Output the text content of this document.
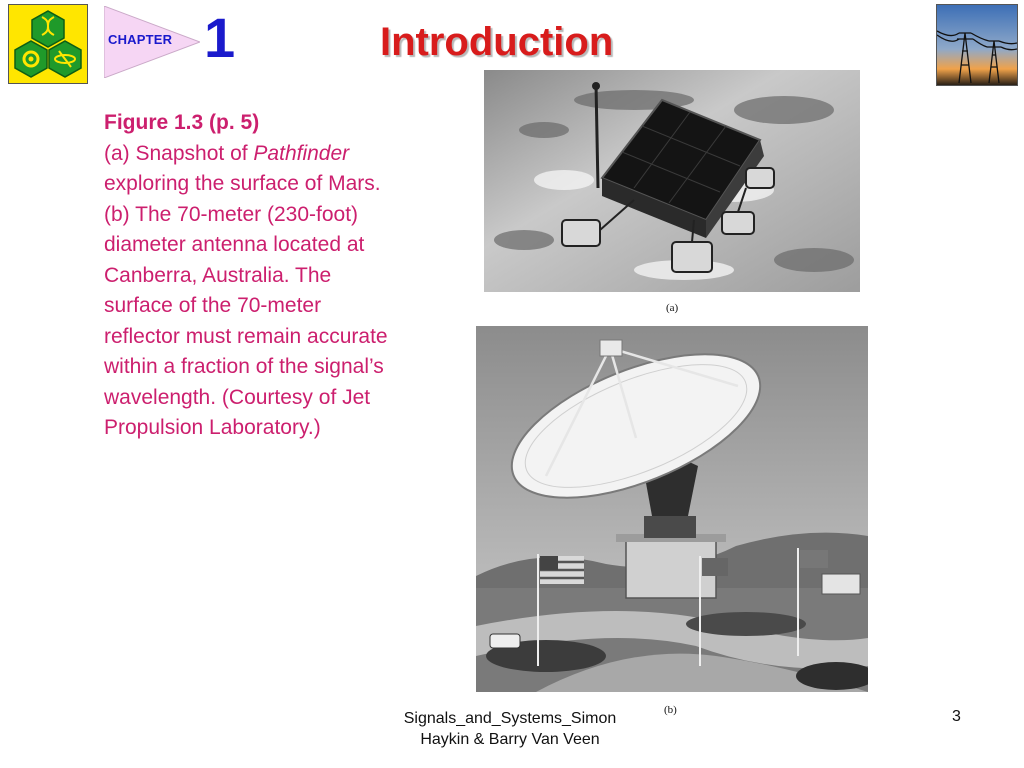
CHAPTER 1	Introduction
Figure 1.3 (p. 5)
(a) Snapshot of Pathfinder
exploring the surface of Mars.
(b) The 70-meter (230-foot)
diameter antenna located at
Canberra, Australia. The
surface of the 70-meter
reflector must remain accurate
within a fraction of the signal’s
wavelength. (Courtesy of Jet
Propulsion Laboratory.)
(a)
(b)
Signals_and_Systems_Simon
Haykin & Barry Van Veen
3
